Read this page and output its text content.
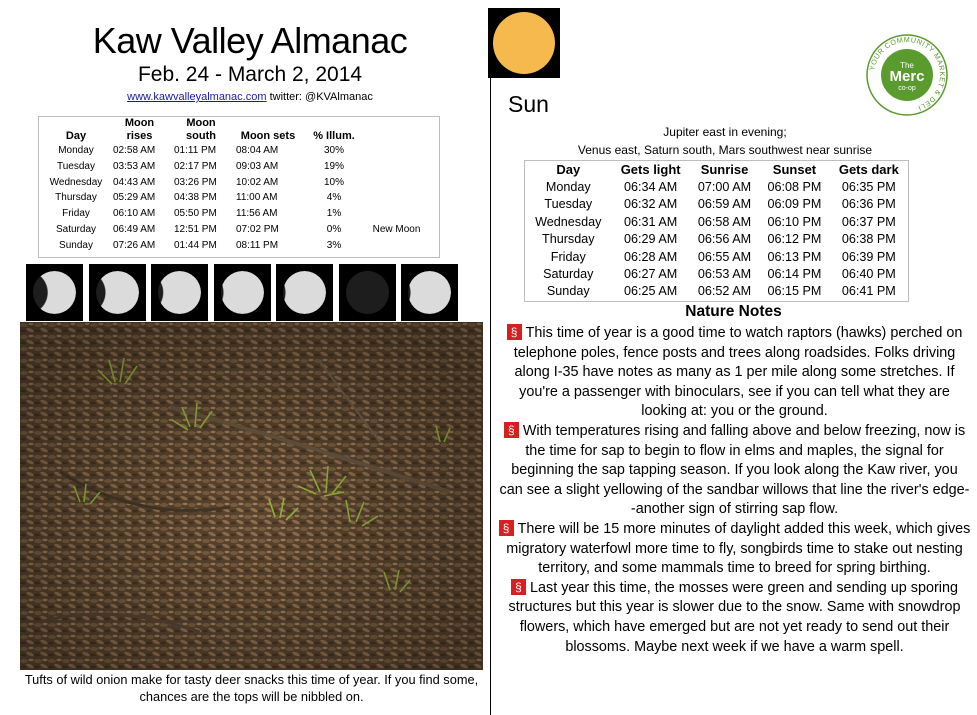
Kaw Valley Almanac
Feb. 24 - March 2, 2014
www.kawvalleyalmanac.com twitter: @KVAlmanac
Day	Moon rises	Moon south	Moon sets	% Illum.	
Monday	02:58 AM	01:11 PM	08:04 AM	30%	
Tuesday	03:53 AM	02:17 PM	09:03 AM	19%	
Wednesday	04:43 AM	03:26 PM	10:02 AM	10%	
Thursday	05:29 AM	04:38 PM	11:00 AM	4%	
Friday	06:10 AM	05:50 PM	11:56 AM	1%	
Saturday	06:49 AM	12:51 PM	07:02 PM	0%	New Moon
Sunday	07:26 AM	01:44 PM	08:11 PM	3%	
Tufts of wild onion make for tasty deer snacks this time of year. If you find some, chances are the tops will be nibbled on.
Sun
YOUR COMMUNITY MARKET & DELI
The
Merc
co-op
Jupiter east in evening;
Venus east, Saturn south, Mars southwest near sunrise
Day	Gets light	Sunrise	Sunset	Gets dark
Monday	06:34 AM	07:00 AM	06:08 PM	06:35 PM
Tuesday	06:32 AM	06:59 AM	06:09 PM	06:36 PM
Wednesday	06:31 AM	06:58 AM	06:10 PM	06:37 PM
Thursday	06:29 AM	06:56 AM	06:12 PM	06:38 PM
Friday	06:28 AM	06:55 AM	06:13 PM	06:39 PM
Saturday	06:27 AM	06:53 AM	06:14 PM	06:40 PM
Sunday	06:25 AM	06:52 AM	06:15 PM	06:41 PM
Nature Notes

§ This time of year is a good time to watch raptors (hawks) perched on telephone poles, fence posts and trees along roadsides. Folks driving along I-35 have notes as many as 1 per mile along some stretches. If you're a passenger with binoculars, see if you can tell what they are looking at: you or the ground.

§ With temperatures rising and falling above and below freezing, now is the time for sap to begin to flow in elms and maples, the signal for beginning the sap tapping season. If you look along the Kaw river, you can see a slight yellowing of the sandbar willows that line the river's edge--another sign of stirring sap flow.

§ There will be 15 more minutes of daylight added this week, which gives migratory waterfowl more time to fly, songbirds time to stake out nesting territory, and some mammals time to breed for spring birthing.

§ Last year this time, the mosses were green and sending up sporing structures but this year is slower due to the snow. Same with snowdrop flowers, which have emerged but are not yet ready to send out their blossoms. Maybe next week if we have a warm spell.
